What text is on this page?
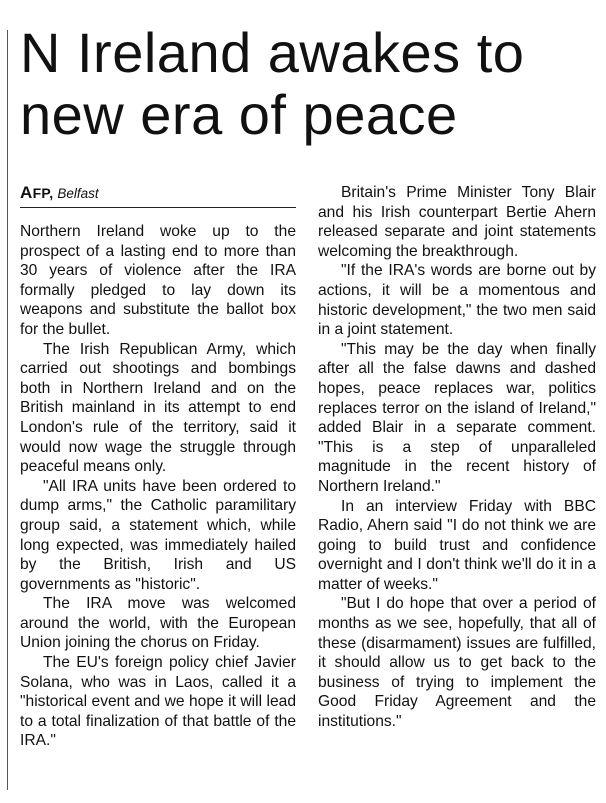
N Ireland awakes to new era of peace
AFP, Belfast

Northern Ireland woke up to the prospect of a lasting end to more than 30 years of violence after the IRA formally pledged to lay down its weapons and substitute the ballot box for the bullet.

The Irish Republican Army, which carried out shootings and bombings both in Northern Ireland and on the British mainland in its attempt to end London's rule of the territory, said it would now wage the struggle through peaceful means only.

"All IRA units have been ordered to dump arms," the Catholic paramilitary group said, a statement which, while long expected, was immediately hailed by the British, Irish and US governments as "historic".

The IRA move was welcomed around the world, with the European Union joining the chorus on Friday.

The EU's foreign policy chief Javier Solana, who was in Laos, called it a "historical event and we hope it will lead to a total finalization of that battle of the IRA."

Britain's Prime Minister Tony Blair and his Irish counterpart Bertie Ahern released separate and joint statements welcoming the breakthrough.

"If the IRA's words are borne out by actions, it will be a momentous and historic development," the two men said in a joint statement.

"This may be the day when finally after all the false dawns and dashed hopes, peace replaces war, politics replaces terror on the island of Ireland," added Blair in a separate comment. "This is a step of unparalleled magnitude in the recent history of Northern Ireland."

In an interview Friday with BBC Radio, Ahern said "I do not think we are going to build trust and confidence overnight and I don't think we'll do it in a matter of weeks."

"But I do hope that over a period of months as we see, hopefully, that all of these (disarmament) issues are fulfilled, it should allow us to get back to the business of trying to implement the Good Friday Agreement and the institutions."
